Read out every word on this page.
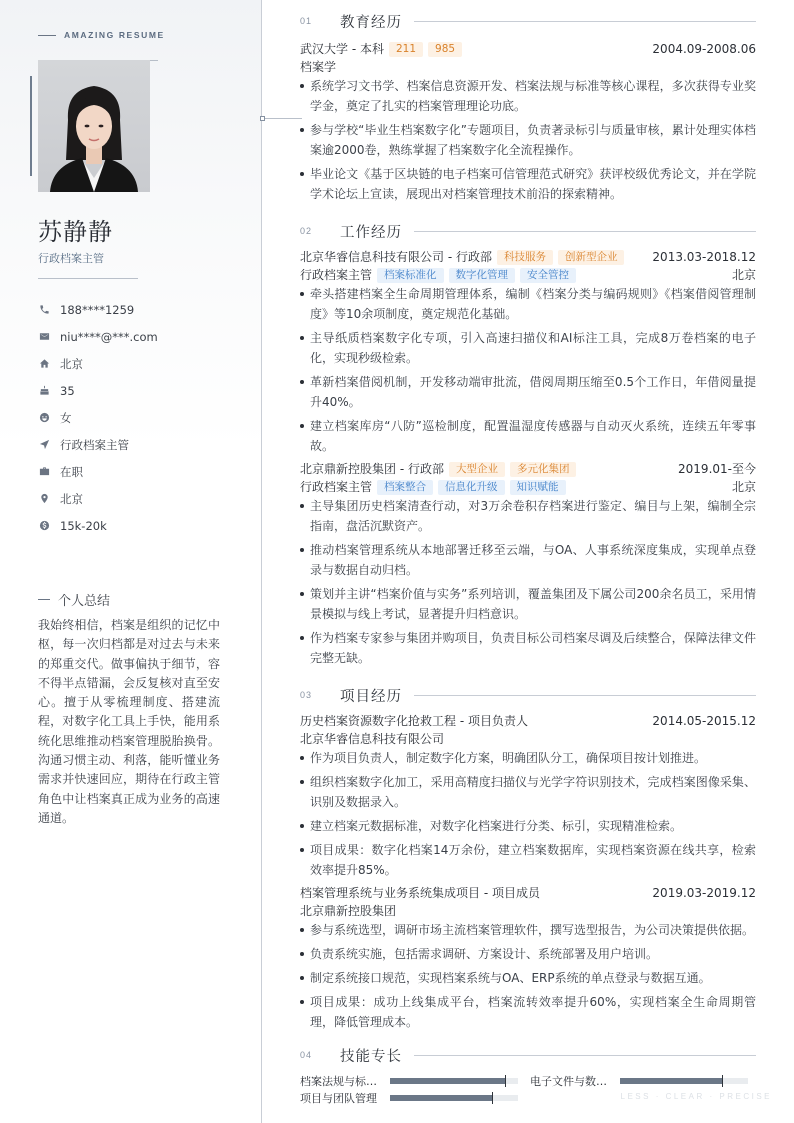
AMAZING RESUME
苏静静
行政档案主管
188****1259
niu****@***.com
北京
35
女
行政档案主管
在职
北京
15k-20k
个人总结
我始终相信，档案是组织的记忆中枢，每一次归档都是对过去与未来的郑重交代。做事偏执于细节，容不得半点错漏，会反复核对直至安心。擅于从零梳理制度、搭建流程，对数字化工具上手快，能用系统化思维推动档案管理脱胎换骨。沟通习惯主动、利落，能听懂业务需求并快速回应，期待在行政主管角色中让档案真正成为业务的高速通道。
01	教育经历
武汉大学 - 本科	211	985	2004.09-2008.06
档案学
系统学习文书学、档案信息资源开发、档案法规与标准等核心课程，多次获得专业奖学金，奠定了扎实的档案管理理论功底。
参与学校“毕业生档案数字化”专题项目，负责著录标引与质量审核，累计处理实体档案逾2000卷，熟练掌握了档案数字化全流程操作。
毕业论文《基于区块链的电子档案可信管理范式研究》获评校级优秀论文，并在学院学术论坛上宣读，展现出对档案管理技术前沿的探索精神。
02	工作经历
北京华睿信息科技有限公司 - 行政部	科技服务	创新型企业	2013.03-2018.12
行政档案主管	档案标准化	数字化管理	安全管控	北京
牵头搭建档案全生命周期管理体系，编制《档案分类与编码规则》《档案借阅管理制度》等10余项制度，奠定规范化基础。
主导纸质档案数字化专项，引入高速扫描仪和AI标注工具，完成8万卷档案的电子化，实现秒级检索。
革新档案借阅机制，开发移动端审批流，借阅周期压缩至0.5个工作日，年借阅量提升40%。
建立档案库房“八防”巡检制度，配置温湿度传感器与自动灭火系统，连续五年零事故。
北京鼎新控股集团 - 行政部	大型企业	多元化集团	2019.01-至今
行政档案主管	档案整合	信息化升级	知识赋能	北京
主导集团历史档案清查行动，对3万余卷积存档案进行鉴定、编目与上架，编制全宗指南，盘活沉默资产。
推动档案管理系统从本地部署迁移至云端，与OA、人事系统深度集成，实现单点登录与数据自动归档。
策划并主讲“档案价值与实务”系列培训，覆盖集团及下属公司200余名员工，采用情景模拟与线上考试，显著提升归档意识。
作为档案专家参与集团并购项目，负责目标公司档案尽调及后续整合，保障法律文件完整无缺。
03	项目经历
历史档案资源数字化抢救工程 - 项目负责人	2014.05-2015.12
北京华睿信息科技有限公司
作为项目负责人，制定数字化方案，明确团队分工，确保项目按计划推进。
组织档案数字化加工，采用高精度扫描仪与光学字符识别技术，完成档案图像采集、识别及数据录入。
建立档案元数据标准，对数字化档案进行分类、标引，实现精准检索。
项目成果：数字化档案14万余份，建立档案数据库，实现档案资源在线共享，检索效率提升85%。
档案管理系统与业务系统集成项目 - 项目成员	2019.03-2019.12
北京鼎新控股集团
参与系统选型，调研市场主流档案管理软件，撰写选型报告，为公司决策提供依据。
负责系统实施，包括需求调研、方案设计、系统部署及用户培训。
制定系统接口规范，实现档案系统与OA、ERP系统的单点登录与数据互通。
项目成果：成功上线集成平台，档案流转效率提升60%，实现档案全生命周期管理，降低管理成本。
04	技能专长
档案法规与标…	电子文件与数…
项目与团队管理	LESS · CLEAR · PRECISE
